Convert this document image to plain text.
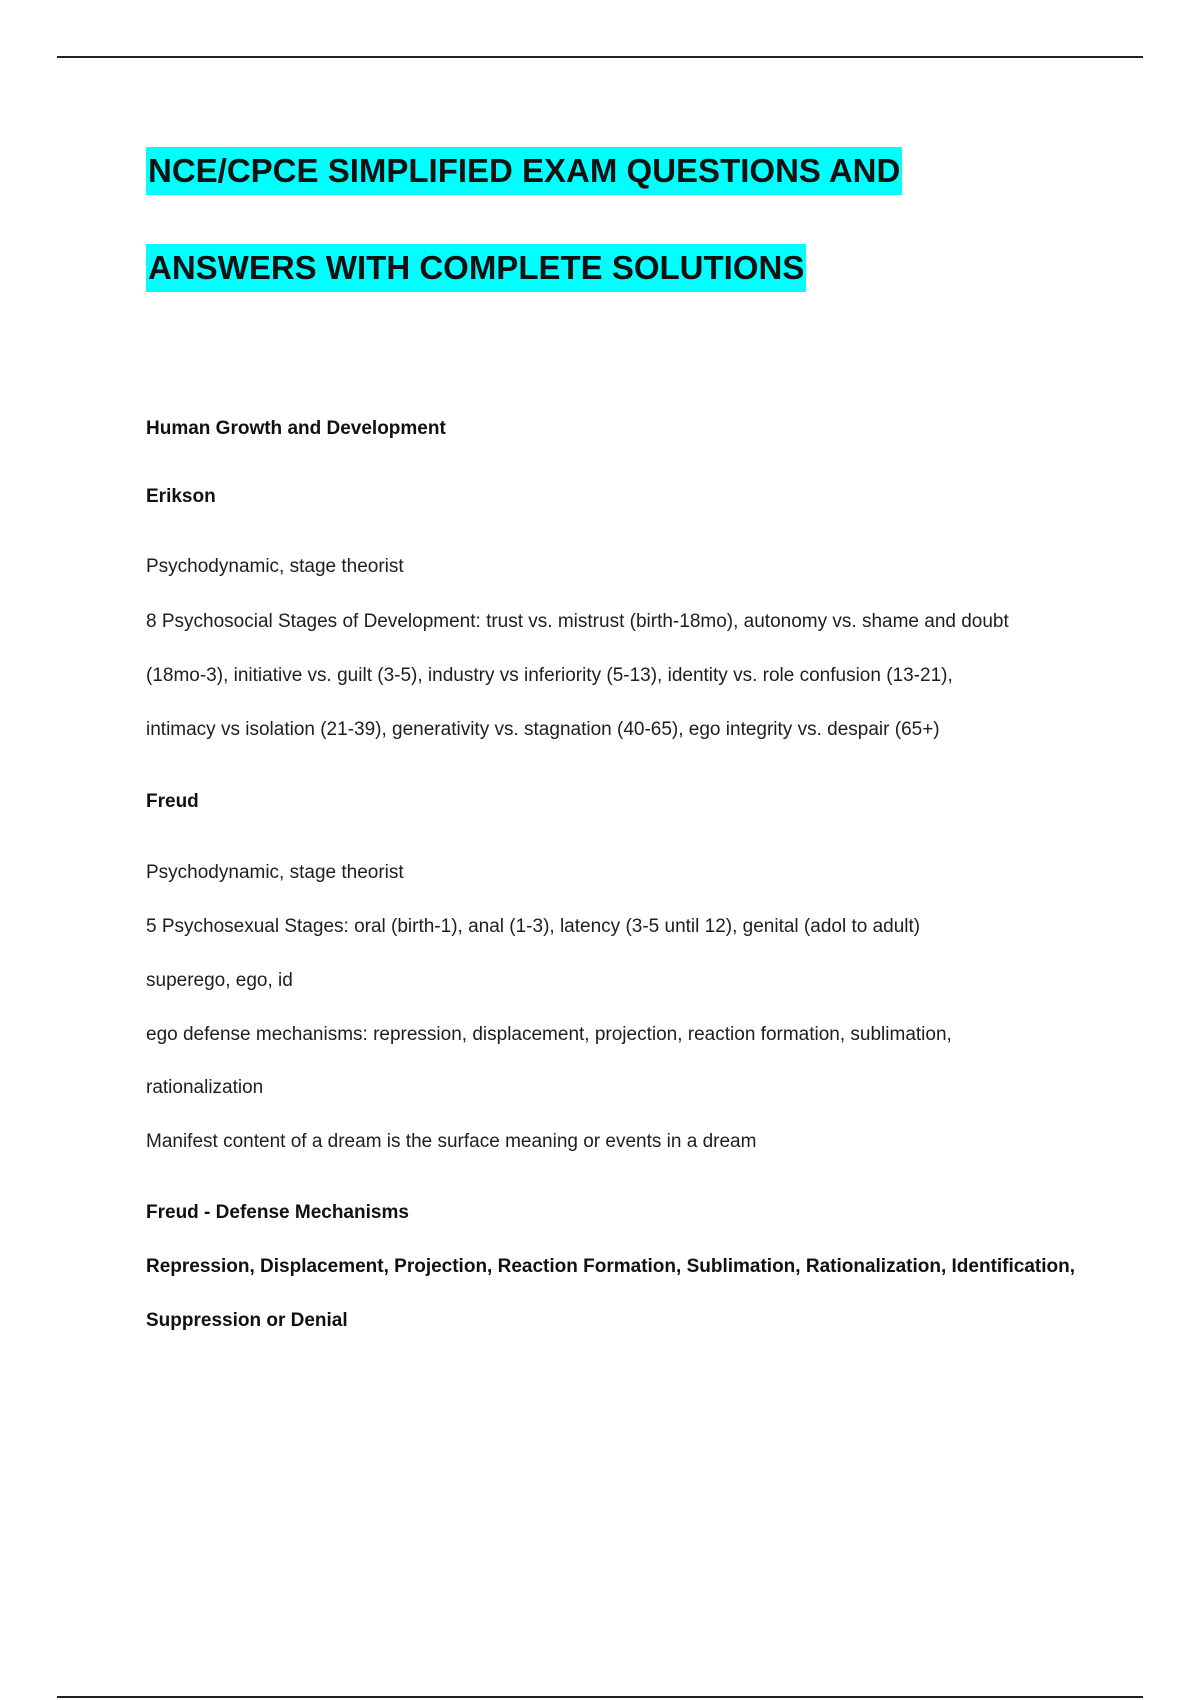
NCE/CPCE SIMPLIFIED EXAM QUESTIONS AND
ANSWERS WITH COMPLETE SOLUTIONS
Human Growth and Development
Erikson
Psychodynamic, stage theorist
8 Psychosocial Stages of Development: trust vs. mistrust (birth-18mo), autonomy vs. shame and doubt
(18mo-3), initiative vs. guilt (3-5), industry vs inferiority (5-13), identity vs. role confusion (13-21),
intimacy vs isolation (21-39), generativity vs. stagnation (40-65), ego integrity vs. despair (65+)
Freud
Psychodynamic, stage theorist
5 Psychosexual Stages: oral (birth-1), anal (1-3), latency (3-5 until 12), genital (adol to adult)
superego, ego, id
ego defense mechanisms: repression, displacement, projection, reaction formation, sublimation,
rationalization
Manifest content of a dream is the surface meaning or events in a dream
Freud - Defense Mechanisms
Repression, Displacement, Projection, Reaction Formation, Sublimation, Rationalization, Identification,
Suppression or Denial
